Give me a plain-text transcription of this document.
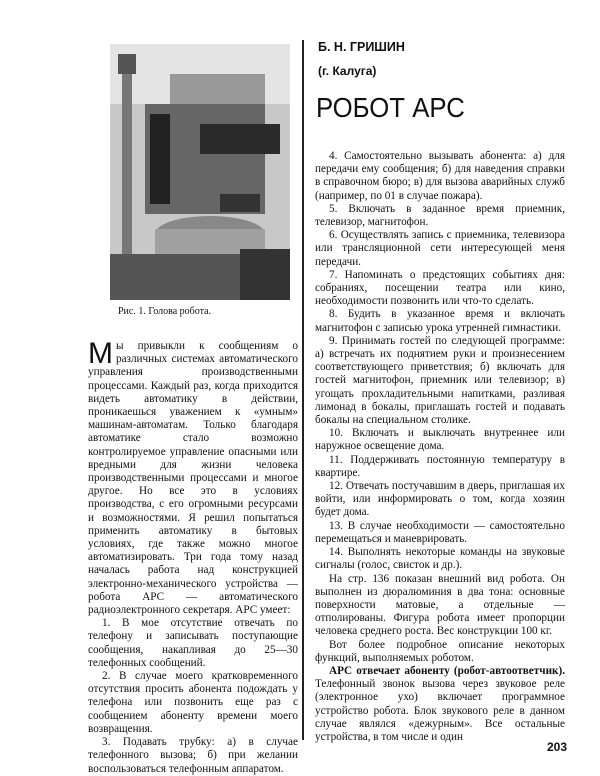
Рис. 1. Голова робота.
Б. Н. ГРИШИН
(г. Калуга)
РОБОТ АРС

Мы привыкли к сообщениям о различных системах автоматического управления производственными процессами. Каждый раз, когда приходится видеть автоматику в действии, проникаешься уважением к «умным» машинам-автоматам. Только благодаря автоматике стало возможно контролируемое управление опасными или вредными для жизни человека производственными процессами и многое другое. Но все это в условиях производства, с его огромными ресурсами и возможностями. Я решил попытаться применить автоматику в бытовых условиях, где также можно многое автоматизировать. Три года тому назад началась работа над конструкцией электронно-механического устройства — робота АРС — автоматического радиоэлектронного секретаря. АРС умеет:

1. В мое отсутствие отвечать по телефону и записывать поступающие сообщения, накапливая до 25—30 телефонных сообщений.

2. В случае моего кратковременного отсутствия просить абонента подождать у телефона или позвонить еще раз с сообщением абоненту времени моего возвращения.

3. Подавать трубку: а) в случае телефонного вызова; б) при желании воспользоваться телефонным аппаратом.

4. Самостоятельно вызывать абонента: а) для передачи ему сообщения; б) для наведения справки в справочном бюро; в) для вызова аварийных служб (например, по 01 в случае пожара).

5. Включать в заданное время приемник, телевизор, магнитофон.

6. Осуществлять запись с приемника, телевизора или трансляционной сети интересующей меня передачи.

7. Напоминать о предстоящих событиях дня: собраниях, посещении театра или кино, необходимости позвонить или что-то сделать.

8. Будить в указанное время и включать магнитофон с записью урока утренней гимнастики.

9. Принимать гостей по следующей программе: а) встречать их поднятием руки и произнесением соответствующего приветствия; б) включать для гостей магнитофон, приемник или телевизор; в) угощать прохладительными напитками, разливая лимонад в бокалы, приглашать гостей и подавать бокалы на специальном столике.

10. Включать и выключать внутреннее или наружное освещение дома.

11. Поддерживать постоянную температуру в квартире.

12. Отвечать постучавшим в дверь, приглашая их войти, или информировать о том, когда хозяин будет дома.

13. В случае необходимости — самостоятельно перемещаться и маневрировать.

14. Выполнять некоторые команды на звуковые сигналы (голос, свисток и др.).

На стр. 136 показан внешний вид робота. Он выполнен из дюралюминия в два тона: основные поверхности матовые, а отдельные — отполированы. Фигура робота имеет пропорции человека среднего роста. Вес конструкции 100 кг.

Вот более подробное описание некоторых функций, выполняемых роботом.

АРС отвечает абоненту (робот-автоответчик). Телефонный звонок вызова через звуковое реле (электронное ухо) включает программное устройство робота. Блок звукового реле в данном случае являлся «дежурным». Все остальные устройства, в том числе и один

203
